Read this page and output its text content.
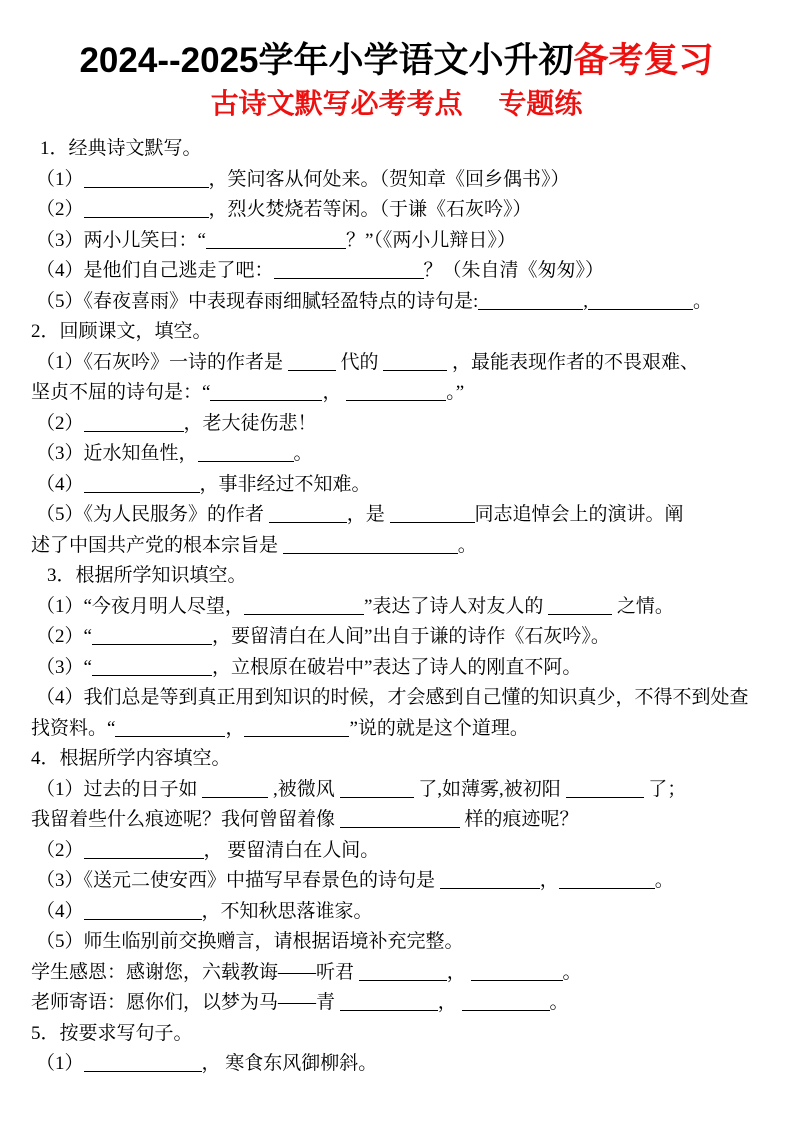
2024--2025学年小学语文小升初备考复习
古诗文默写必考考点　 专题练
1．经典诗文默写。
（1）	，笑问客从何处来。（贺知章《回乡偶书》）
（2）	，烈火焚烧若等闲。（于谦《石灰吟》）
（3）两小儿笑曰：“	？”（《两小儿辩日》）
（4）是他们自己逃走了吧：	？（朱自清《匆匆》）
（5）《春夜喜雨》中表现春雨细腻轻盈特点的诗句是:	,	。
2．回顾课文，填空。
（1）《石灰吟》一诗的作者是	代的	，最能表现作者的不畏艰难、
坚贞不屈的诗句是：“	，	。”
（2）	，老大徒伤悲！
（3）近水知鱼性，	。
（4）	，事非经过不知难。
（5）《为人民服务》的作者	，是	同志追悼会上的演讲。阐
述了中国共产党的根本宗旨是	。
3．根据所学知识填空。
（1）“今夜月明人尽望，	”表达了诗人对友人的	之情。
（2）“	，要留清白在人间”出自于谦的诗作《石灰吟》。
（3）“	，立根原在破岩中”表达了诗人的刚直不阿。
（4）我们总是等到真正用到知识的时候，才会感到自己懂的知识真少，不得不到处查
找资料。“	，	”说的就是这个道理。
4．根据所学内容填空。
（1）过去的日子如	,被微风	了,如薄雾,被初阳	了；
我留着些什么痕迹呢？我何曾留着像	样的痕迹呢？
（2）	， 要留清白在人间。
（3）《送元二使安西》中描写早春景色的诗句是	，	。
（4）	，不知秋思落谁家。
（5）师生临别前交换赠言，请根据语境补充完整。
学生感恩：感谢您，六载教诲——听君	，	。
老师寄语：愿你们，以梦为马——青	，	。
5．按要求写句子。
（1）	， 寒食东风御柳斜。
